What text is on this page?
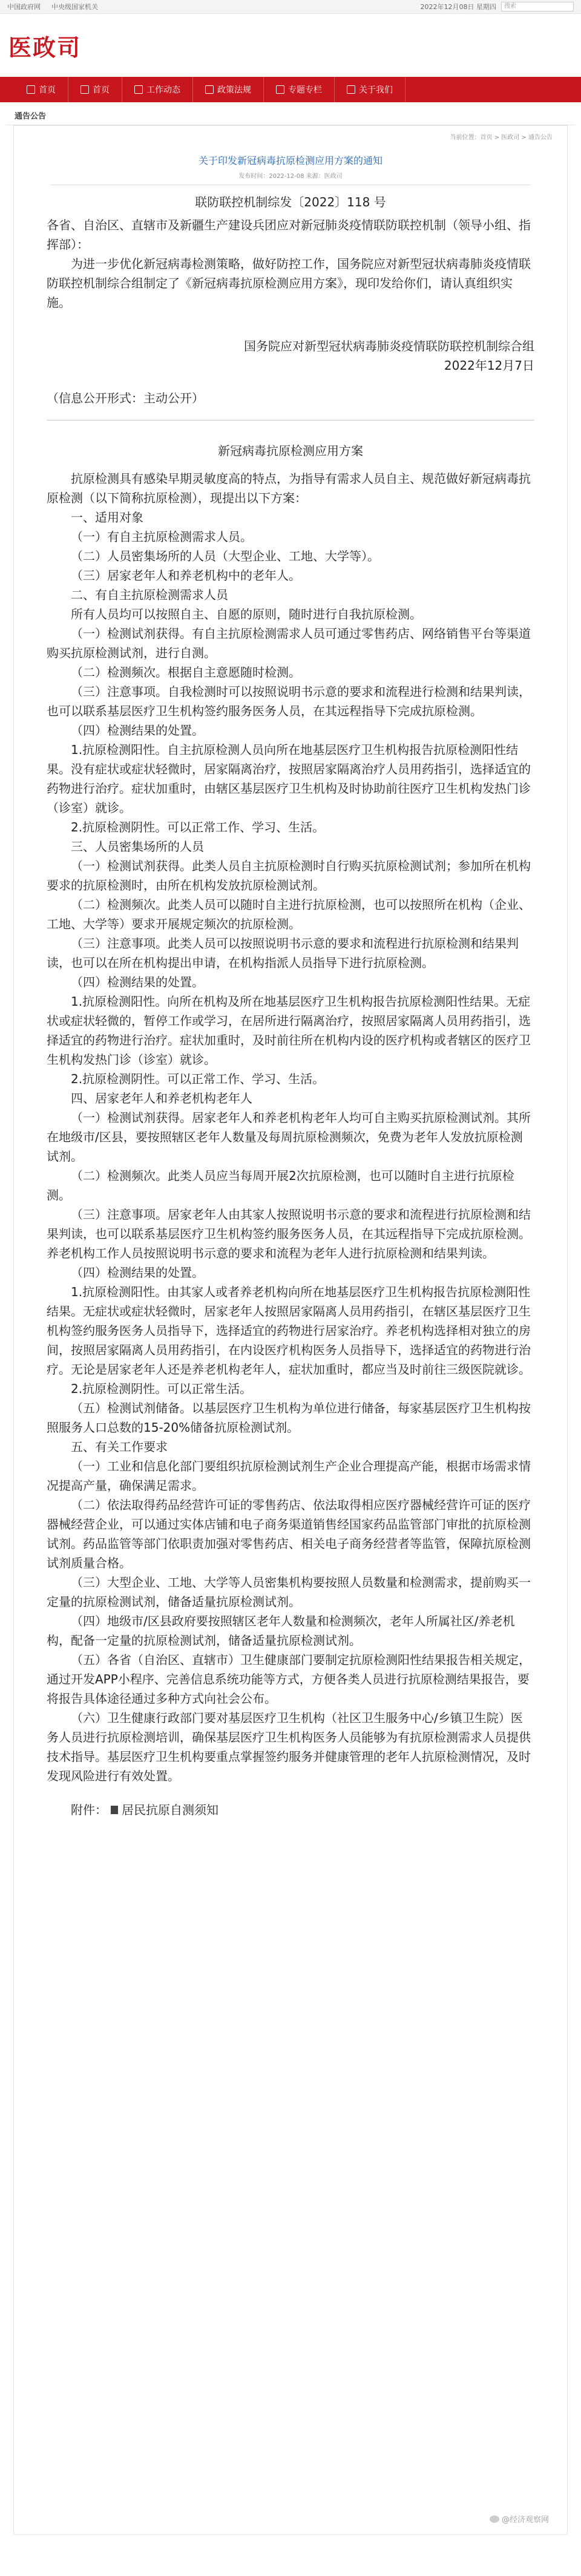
中国政府网 中央级国家机关	2022年12月08日 星期四	搜索
医政司
首页	首页	工作动态	政策法规	专题专栏	关于我们
通告公告
当前位置：首页 > 医政司 > 通告公告
关于印发新冠病毒抗原检测应用方案的通知
发布时间：2022-12-08 来源：医政司
联防联控机制综发〔2022〕118 号

各省、自治区、直辖市及新疆生产建设兵团应对新冠肺炎疫情联防联控机制（领导小组、指挥部）：

为进一步优化新冠病毒检测策略，做好防控工作，国务院应对新型冠状病毒肺炎疫情联防联控机制综合组制定了《新冠病毒抗原检测应用方案》，现印发给你们，请认真组织实施。

国务院应对新型冠状病毒肺炎疫情联防联控机制综合组

2022年12月7日

（信息公开形式：主动公开）

新冠病毒抗原检测应用方案

抗原检测具有感染早期灵敏度高的特点，为指导有需求人员自主、规范做好新冠病毒抗原检测（以下简称抗原检测），现提出以下方案：

一、适用对象

（一）有自主抗原检测需求人员。

（二）人员密集场所的人员（大型企业、工地、大学等）。

（三）居家老年人和养老机构中的老年人。

二、有自主抗原检测需求人员

所有人员均可以按照自主、自愿的原则，随时进行自我抗原检测。

（一）检测试剂获得。有自主抗原检测需求人员可通过零售药店、网络销售平台等渠道购买抗原检测试剂，进行自测。

（二）检测频次。根据自主意愿随时检测。

（三）注意事项。自我检测时可以按照说明书示意的要求和流程进行检测和结果判读，也可以联系基层医疗卫生机构签约服务医务人员，在其远程指导下完成抗原检测。

（四）检测结果的处置。

1.抗原检测阳性。自主抗原检测人员向所在地基层医疗卫生机构报告抗原检测阳性结果。没有症状或症状轻微时，居家隔离治疗，按照居家隔离治疗人员用药指引，选择适宜的药物进行治疗。症状加重时，由辖区基层医疗卫生机构及时协助前往医疗卫生机构发热门诊（诊室）就诊。

2.抗原检测阴性。可以正常工作、学习、生活。

三、人员密集场所的人员

（一）检测试剂获得。此类人员自主抗原检测时自行购买抗原检测试剂；参加所在机构要求的抗原检测时，由所在机构发放抗原检测试剂。

（二）检测频次。此类人员可以随时自主进行抗原检测，也可以按照所在机构（企业、工地、大学等）要求开展规定频次的抗原检测。

（三）注意事项。此类人员可以按照说明书示意的要求和流程进行抗原检测和结果判读，也可以在所在机构提出申请，在机构指派人员指导下进行抗原检测。

（四）检测结果的处置。

1.抗原检测阳性。向所在机构及所在地基层医疗卫生机构报告抗原检测阳性结果。无症状或症状轻微的，暂停工作或学习，在居所进行隔离治疗，按照居家隔离人员用药指引，选择适宜的药物进行治疗。症状加重时，及时前往所在机构内设的医疗机构或者辖区的医疗卫生机构发热门诊（诊室）就诊。

2.抗原检测阴性。可以正常工作、学习、生活。

四、居家老年人和养老机构老年人

（一）检测试剂获得。居家老年人和养老机构老年人均可自主购买抗原检测试剂。其所在地级市/区县，要按照辖区老年人数量及每周抗原检测频次，免费为老年人发放抗原检测试剂。

（二）检测频次。此类人员应当每周开展2次抗原检测，也可以随时自主进行抗原检测。

（三）注意事项。居家老年人由其家人按照说明书示意的要求和流程进行抗原检测和结果判读，也可以联系基层医疗卫生机构签约服务医务人员，在其远程指导下完成抗原检测。养老机构工作人员按照说明书示意的要求和流程为老年人进行抗原检测和结果判读。

（四）检测结果的处置。

1.抗原检测阳性。由其家人或者养老机构向所在地基层医疗卫生机构报告抗原检测阳性结果。无症状或症状轻微时，居家老年人按照居家隔离人员用药指引，在辖区基层医疗卫生机构签约服务医务人员指导下，选择适宜的药物进行居家治疗。养老机构选择相对独立的房间，按照居家隔离人员用药指引，在内设医疗机构医务人员指导下，选择适宜的药物进行治疗。无论是居家老年人还是养老机构老年人，症状加重时，都应当及时前往三级医院就诊。

2.抗原检测阴性。可以正常生活。

（五）检测试剂储备。以基层医疗卫生机构为单位进行储备，每家基层医疗卫生机构按照服务人口总数的15-20%储备抗原检测试剂。

五、有关工作要求

（一）工业和信息化部门要组织抗原检测试剂生产企业合理提高产能，根据市场需求情况提高产量，确保满足需求。

（二）依法取得药品经营许可证的零售药店、依法取得相应医疗器械经营许可证的医疗器械经营企业，可以通过实体店铺和电子商务渠道销售经国家药品监管部门审批的抗原检测试剂。药品监管等部门依职责加强对零售药店、相关电子商务经营者等监管，保障抗原检测试剂质量合格。

（三）大型企业、工地、大学等人员密集机构要按照人员数量和检测需求，提前购买一定量的抗原检测试剂，储备适量抗原检测试剂。

（四）地级市/区县政府要按照辖区老年人数量和检测频次，老年人所属社区/养老机构，配备一定量的抗原检测试剂，储备适量抗原检测试剂。

（五）各省（自治区、直辖市）卫生健康部门要制定抗原检测阳性结果报告相关规定，通过开发APP小程序、完善信息系统功能等方式，方便各类人员进行抗原检测结果报告，要将报告具体途径通过多种方式向社会公布。

（六）卫生健康行政部门要对基层医疗卫生机构（社区卫生服务中心/乡镇卫生院）医务人员进行抗原检测培训，确保基层医疗卫生机构医务人员能够为有抗原检测需求人员提供技术指导。基层医疗卫生机构要重点掌握签约服务并健康管理的老年人抗原检测情况，及时发现风险进行有效处置。

附件： 居民抗原自测须知
@经济观察网
